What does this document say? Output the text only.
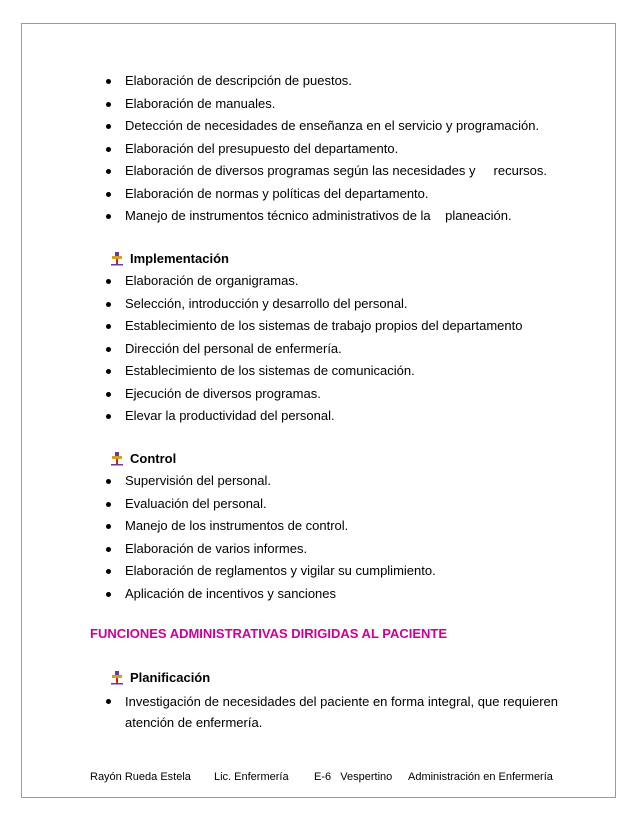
Elaboración de descripción de puestos.
Elaboración de manuales.
Detección de necesidades de enseñanza en el servicio y programación.
Elaboración del presupuesto del departamento.
Elaboración de diversos programas según las necesidades y     recursos.
Elaboración de normas y políticas del departamento.
Manejo de instrumentos técnico administrativos de la    planeación.
Implementación
Elaboración de organigramas.
Selección, introducción y desarrollo del personal.
Establecimiento de los sistemas de trabajo propios del departamento
Dirección del personal de enfermería.
Establecimiento de los sistemas de comunicación.
Ejecución de diversos programas.
Elevar la productividad del personal.
Control
Supervisión del personal.
Evaluación del personal.
Manejo de los instrumentos de control.
Elaboración de varios informes.
Elaboración de reglamentos y vigilar su cumplimiento.
Aplicación de incentivos y sanciones
FUNCIONES ADMINISTRATIVAS DIRIGIDAS AL PACIENTE
Planificación
Investigación de necesidades del paciente en forma integral, que requieren atención de enfermería.
Rayón Rueda Estela Lic. Enfermería E-6   Vespertino Administración en Enfermería
